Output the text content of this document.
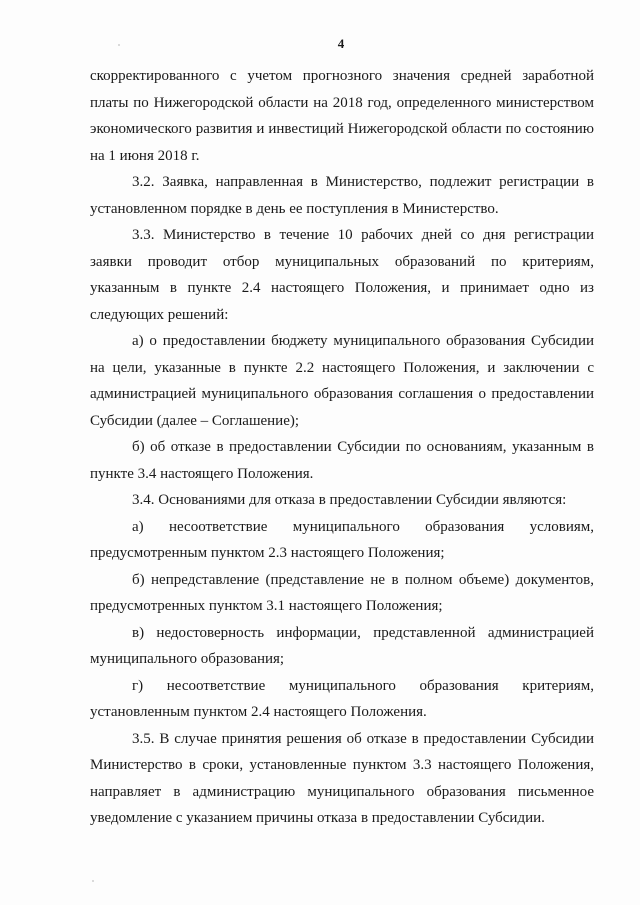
4

скорректированного с учетом прогнозного значения средней заработной платы по Нижегородской области на 2018 год, определенного министерством экономического развития и инвестиций Нижегородской области по состоянию на 1 июня 2018 г.

3.2. Заявка, направленная в Министерство, подлежит регистрации в установленном порядке в день ее поступления в Министерство.

3.3. Министерство в течение 10 рабочих дней со дня регистрации заявки проводит отбор муниципальных образований по критериям, указанным в пункте 2.4 настоящего Положения, и принимает одно из следующих решений:

а) о предоставлении бюджету муниципального образования Субсидии на цели, указанные в пункте 2.2 настоящего Положения, и заключении с администрацией муниципального образования соглашения о предоставлении Субсидии (далее – Соглашение);

б) об отказе в предоставлении Субсидии по основаниям, указанным в пункте 3.4 настоящего Положения.

3.4. Основаниями для отказа в предоставлении Субсидии являются:

а) несоответствие муниципального образования условиям, предусмотренным пунктом 2.3 настоящего Положения;

б) непредставление (представление не в полном объеме) документов, предусмотренных пунктом 3.1 настоящего Положения;

в) недостоверность информации, представленной администрацией муниципального образования;

г) несоответствие муниципального образования критериям, установленным пунктом 2.4 настоящего Положения.

3.5. В случае принятия решения об отказе в предоставлении Субсидии Министерство в сроки, установленные пунктом 3.3 настоящего Положения, направляет в администрацию муниципального образования письменное уведомление с указанием причины отказа в предоставлении Субсидии.
